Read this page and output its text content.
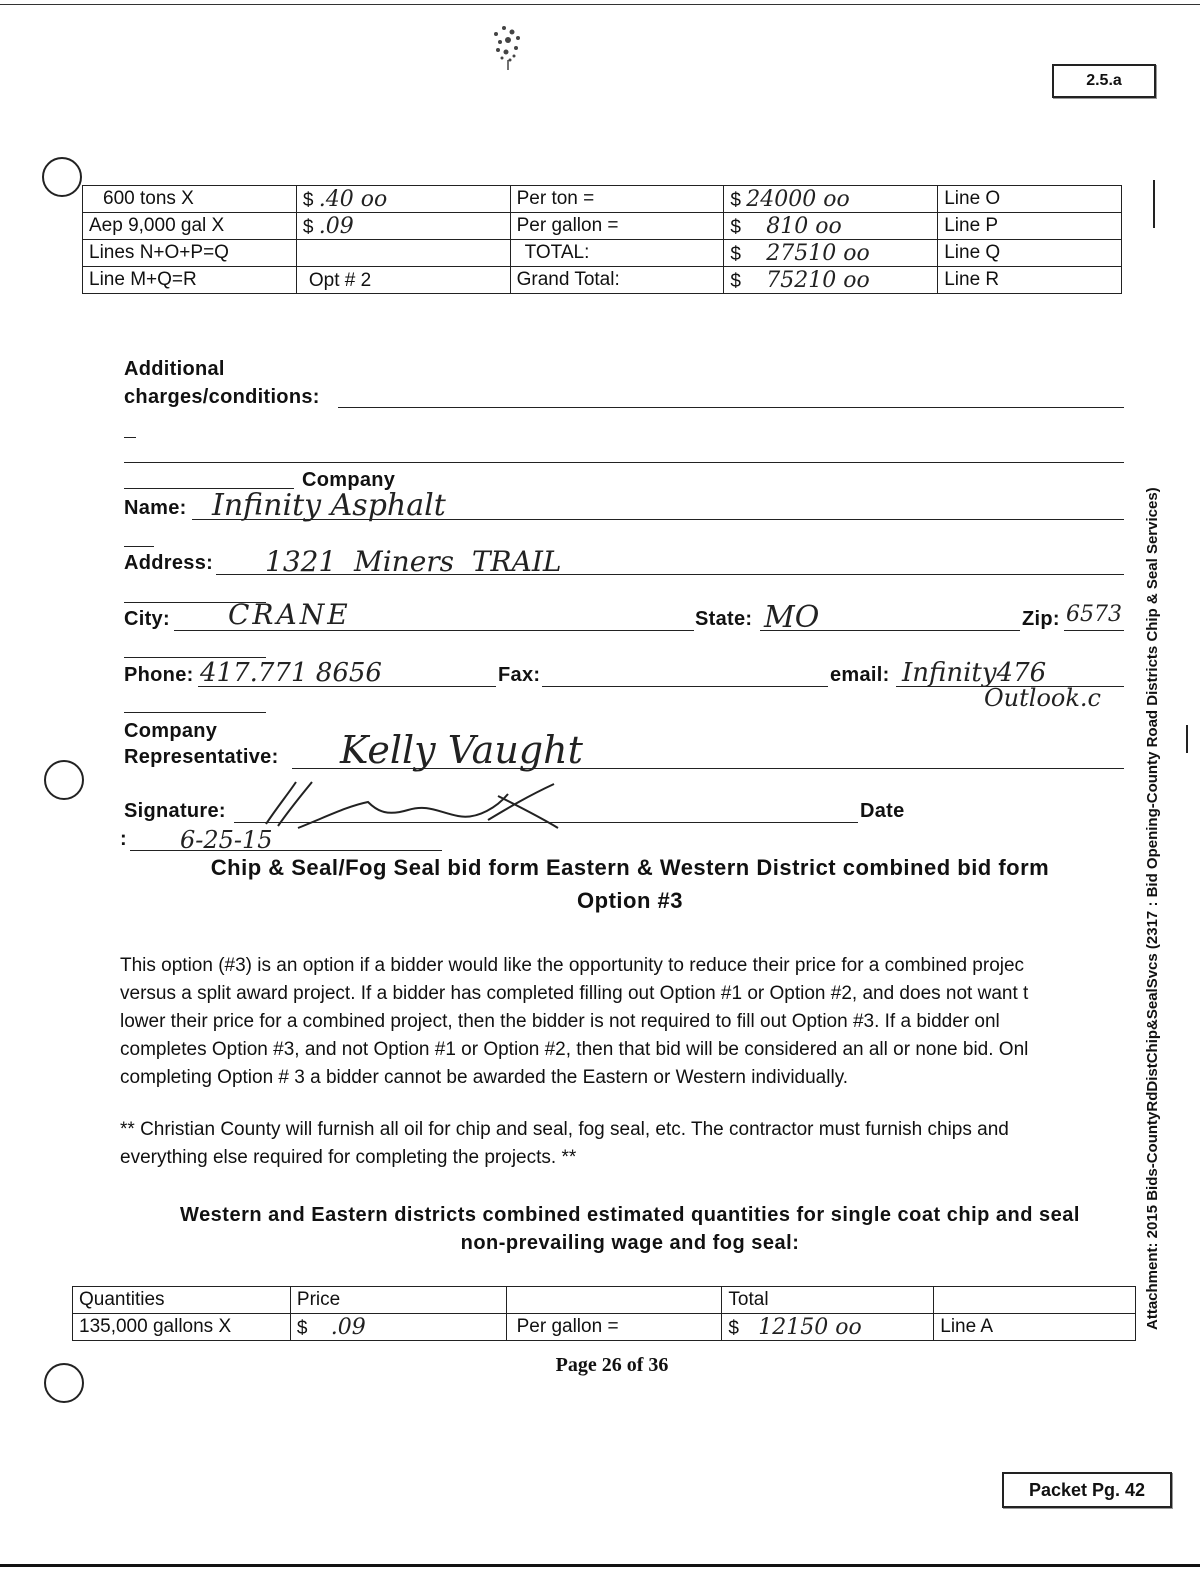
2.5.a
600 tons X	$ .40 oo	Per ton =	$ 24000 oo	Line O
Aep 9,000 gal X	$ .09	Per gallon =	$ 810 oo	Line P
Lines N+O+P=Q		TOTAL:	$ 27510 oo	Line Q
Line M+Q=R	Opt # 2	Grand Total:	$ 75210 oo	Line R
Additional
charges/conditions:
Company
Name: Infinity Asphalt
Address: 1321  Miners  TRAIL
City: CRANE	State: MO	Zip: 6573
Phone: 417.771 8656	Fax:	email: Infinity476
Outlook.c
Company
Representative: Kelly Vaught
Signature:	Date
: 6-25-15
Chip & Seal/Fog Seal bid form Eastern & Western District combined bid form
Option #3
This option (#3) is an option if a bidder would like the opportunity to reduce their price for a combined projec
versus a split award project. If a bidder has completed filling out Option #1 or Option #2, and does not want t
lower their price for a combined project, then the bidder is not required to fill out Option #3. If a bidder onl
completes Option #3, and not Option #1 or Option #2, then that bid will be considered an all or none bid. Onl
completing Option # 3 a bidder cannot be awarded the Eastern or Western individually.
** Christian County will furnish all oil for chip and seal, fog seal, etc. The contractor must furnish chips and
everything else required for completing the projects. **
Western and Eastern districts combined estimated quantities for single coat chip and seal
non-prevailing wage and fog seal:
Quantities	Price		Total	
135,000 gallons X	$ .09	Per gallon =	$ 12150 oo	Line A
Page 26 of 36
Attachment: 2015 Bids-CountyRdDistChip&SealSvcs (2317 : Bid Opening-County Road Districts Chip & Seal Services)
Packet Pg. 42
